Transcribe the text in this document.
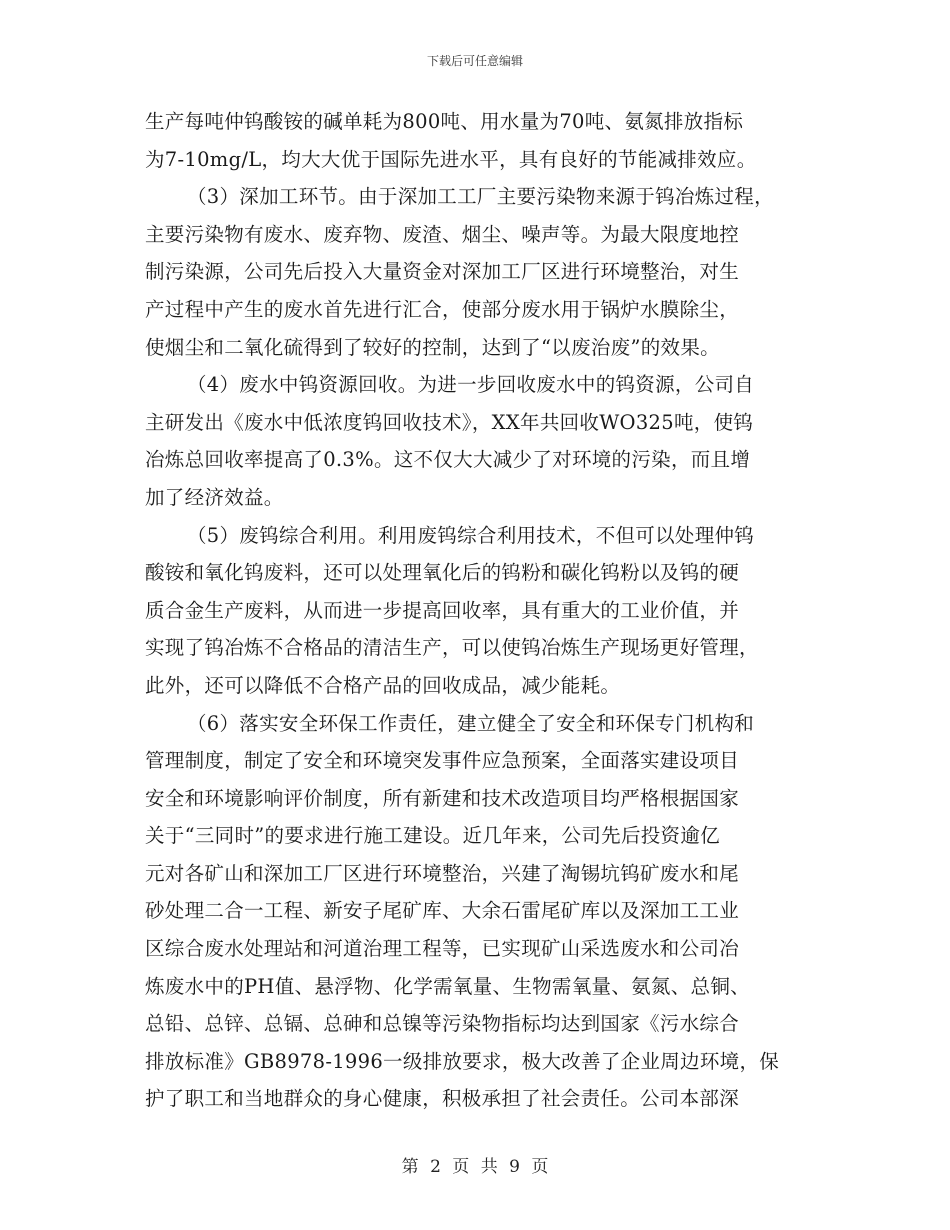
下载后可任意编辑
生产每吨仲钨酸铵的碱单耗为800吨、用水量为70吨、氨氮排放指标
为7-10mg/L，均大大优于国际先进水平，具有良好的节能减排效应。
（3）深加工环节。由于深加工工厂主要污染物来源于钨冶炼过程，
主要污染物有废水、废弃物、废渣、烟尘、噪声等。为最大限度地控
制污染源，公司先后投入大量资金对深加工厂区进行环境整治，对生
产过程中产生的废水首先进行汇合，使部分废水用于锅炉水膜除尘，
使烟尘和二氧化硫得到了较好的控制，达到了“以废治废”的效果。
（4）废水中钨资源回收。为进一步回收废水中的钨资源，公司自
主研发出《废水中低浓度钨回收技术》，XX年共回收WO325吨，使钨
冶炼总回收率提高了0.3%。这不仅大大减少了对环境的污染，而且增
加了经济效益。
（5）废钨综合利用。利用废钨综合利用技术，不但可以处理仲钨
酸铵和氧化钨废料，还可以处理氧化后的钨粉和碳化钨粉以及钨的硬
质合金生产废料，从而进一步提高回收率，具有重大的工业价值，并
实现了钨冶炼不合格品的清洁生产，可以使钨冶炼生产现场更好管理，
此外，还可以降低不合格产品的回收成品，减少能耗。
（6）落实安全环保工作责任，建立健全了安全和环保专门机构和
管理制度，制定了安全和环境突发事件应急预案，全面落实建设项目
安全和环境影响评价制度，所有新建和技术改造项目均严格根据国家
关于“三同时”的要求进行施工建设。近几年来，公司先后投资逾亿
元对各矿山和深加工厂区进行环境整治，兴建了淘锡坑钨矿废水和尾
砂处理二合一工程、新安子尾矿库、大余石雷尾矿库以及深加工工业
区综合废水处理站和河道治理工程等，已实现矿山采选废水和公司冶
炼废水中的PH值、悬浮物、化学需氧量、生物需氧量、氨氮、总铜、
总铅、总锌、总镉、总砷和总镍等污染物指标均达到国家《污水综合
排放标准》GB8978-1996一级排放要求，极大改善了企业周边环境，保
护了职工和当地群众的身心健康，积极承担了社会责任。公司本部深
第 2 页 共 9 页
